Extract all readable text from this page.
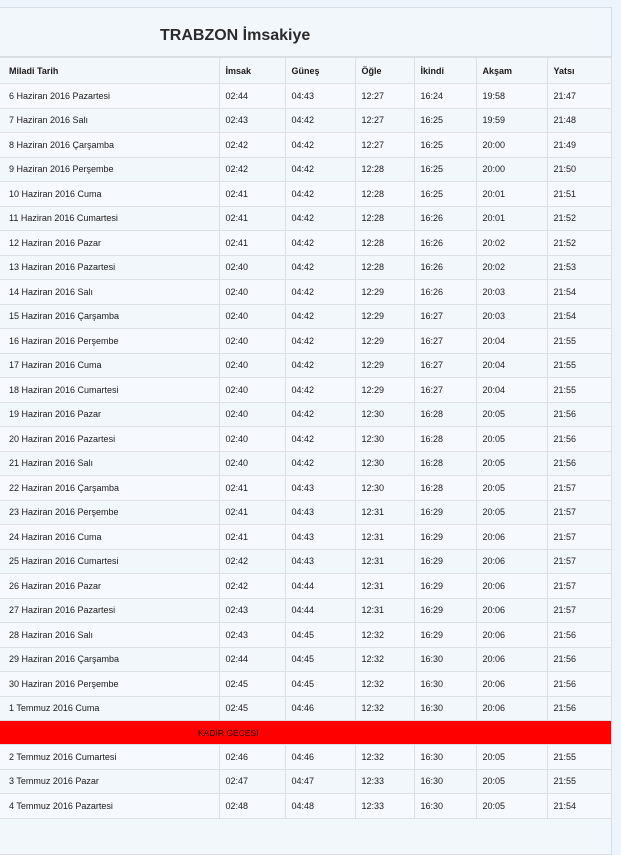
TRABZON İmsakiye
Miladi Tarih	İmsak	Güneş	Öğle	İkindi	Akşam	Yatsı
6 Haziran 2016 Pazartesi	02:44	04:43	12:27	16:24	19:58	21:47
7 Haziran 2016 Salı	02:43	04:42	12:27	16:25	19:59	21:48
8 Haziran 2016 Çarşamba	02:42	04:42	12:27	16:25	20:00	21:49
9 Haziran 2016 Perşembe	02:42	04:42	12:28	16:25	20:00	21:50
10 Haziran 2016 Cuma	02:41	04:42	12:28	16:25	20:01	21:51
11 Haziran 2016 Cumartesi	02:41	04:42	12:28	16:26	20:01	21:52
12 Haziran 2016 Pazar	02:41	04:42	12:28	16:26	20:02	21:52
13 Haziran 2016 Pazartesi	02:40	04:42	12:28	16:26	20:02	21:53
14 Haziran 2016 Salı	02:40	04:42	12:29	16:26	20:03	21:54
15 Haziran 2016 Çarşamba	02:40	04:42	12:29	16:27	20:03	21:54
16 Haziran 2016 Perşembe	02:40	04:42	12:29	16:27	20:04	21:55
17 Haziran 2016 Cuma	02:40	04:42	12:29	16:27	20:04	21:55
18 Haziran 2016 Cumartesi	02:40	04:42	12:29	16:27	20:04	21:55
19 Haziran 2016 Pazar	02:40	04:42	12:30	16:28	20:05	21:56
20 Haziran 2016 Pazartesi	02:40	04:42	12:30	16:28	20:05	21:56
21 Haziran 2016 Salı	02:40	04:42	12:30	16:28	20:05	21:56
22 Haziran 2016 Çarşamba	02:41	04:43	12:30	16:28	20:05	21:57
23 Haziran 2016 Perşembe	02:41	04:43	12:31	16:29	20:05	21:57
24 Haziran 2016 Cuma	02:41	04:43	12:31	16:29	20:06	21:57
25 Haziran 2016 Cumartesi	02:42	04:43	12:31	16:29	20:06	21:57
26 Haziran 2016 Pazar	02:42	04:44	12:31	16:29	20:06	21:57
27 Haziran 2016 Pazartesi	02:43	04:44	12:31	16:29	20:06	21:57
28 Haziran 2016 Salı	02:43	04:45	12:32	16:29	20:06	21:56
29 Haziran 2016 Çarşamba	02:44	04:45	12:32	16:30	20:06	21:56
30 Haziran 2016 Perşembe	02:45	04:45	12:32	16:30	20:06	21:56
1 Temmuz 2016 Cuma	02:45	04:46	12:32	16:30	20:06	21:56
KADİR GECESİ						
2 Temmuz 2016 Cumartesi	02:46	04:46	12:32	16:30	20:05	21:55
3 Temmuz 2016 Pazar	02:47	04:47	12:33	16:30	20:05	21:55
4 Temmuz 2016 Pazartesi	02:48	04:48	12:33	16:30	20:05	21:54
